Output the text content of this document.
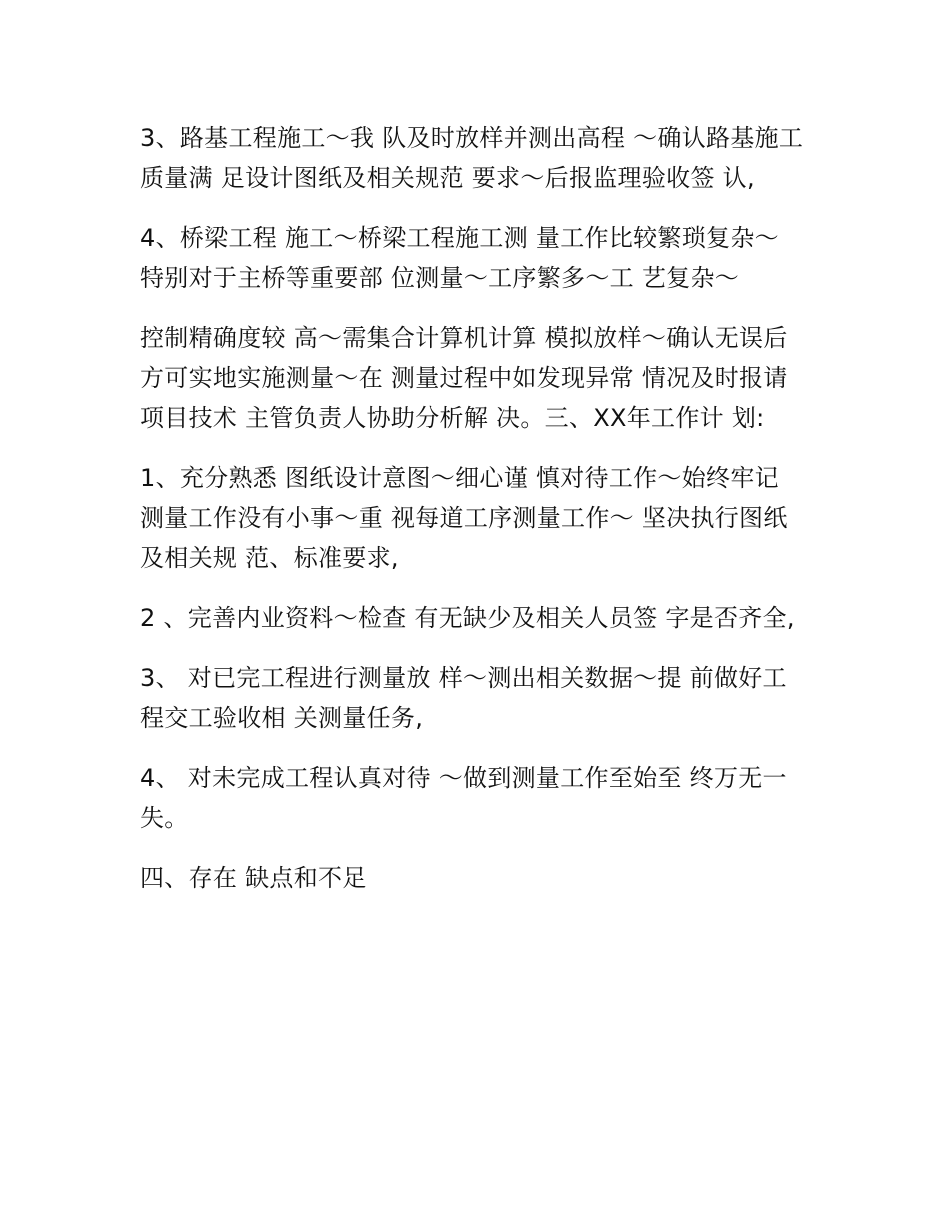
3、路基工程施工～我 队及时放样并测出高程 ～确认路基施工质量满 足设计图纸及相关规范 要求～后报监理验收签 认,

4、桥梁工程 施工～桥梁工程施工测 量工作比较繁琐复杂～ 特别对于主桥等重要部 位测量～工序繁多～工 艺复杂～

控制精确度较 高～需集合计算机计算 模拟放样～确认无误后 方可实地实施测量～在 测量过程中如发现异常 情况及时报请项目技术 主管负责人协助分析解 决。三、XX年工作计 划:

1、充分熟悉 图纸设计意图～细心谨 慎对待工作～始终牢记 测量工作没有小事～重 视每道工序测量工作～ 坚决执行图纸及相关规 范、标准要求,

2 、完善内业资料～检查 有无缺少及相关人员签 字是否齐全,

3、 对已完工程进行测量放 样～测出相关数据～提 前做好工程交工验收相 关测量任务,

4、 对未完成工程认真对待 ～做到测量工作至始至 终万无一失。

四、存在 缺点和不足
